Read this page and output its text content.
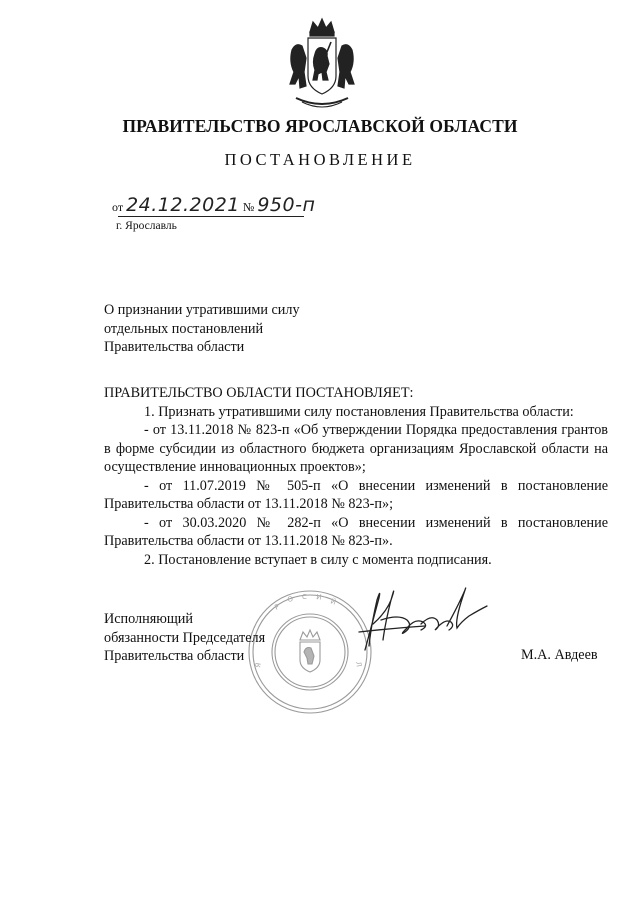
ПРАВИТЕЛЬСТВО ЯРОСЛАВСКОЙ ОБЛАСТИ
ПОСТАНОВЛЕНИЕ
от 24.12.2021 № 950-п
г. Ярославль
О признании утратившими силу
отдельных постановлений
Правительства области

ПРАВИТЕЛЬСТВО ОБЛАСТИ ПОСТАНОВЛЯЕТ:

1. Признать утратившими силу постановления Правительства области:

- от 13.11.2018 № 823-п «Об утверждении Порядка предоставления грантов в форме субсидии из областного бюджета организациям Ярославской области на осуществление инновационных проектов»;

- от 11.07.2019 № 505-п «О внесении изменений в постановление Правительства области от 13.11.2018 № 823-п»;

- от 30.03.2020 № 282-п «О внесении изменений в постановление Правительства области от 13.11.2018 № 823-п».

2. Постановление вступает в силу с момента подписания.

Р
О С И Й
Я	Л
Исполняющий
обязанности Председателя
Правительства области	М.А. Авдеев
